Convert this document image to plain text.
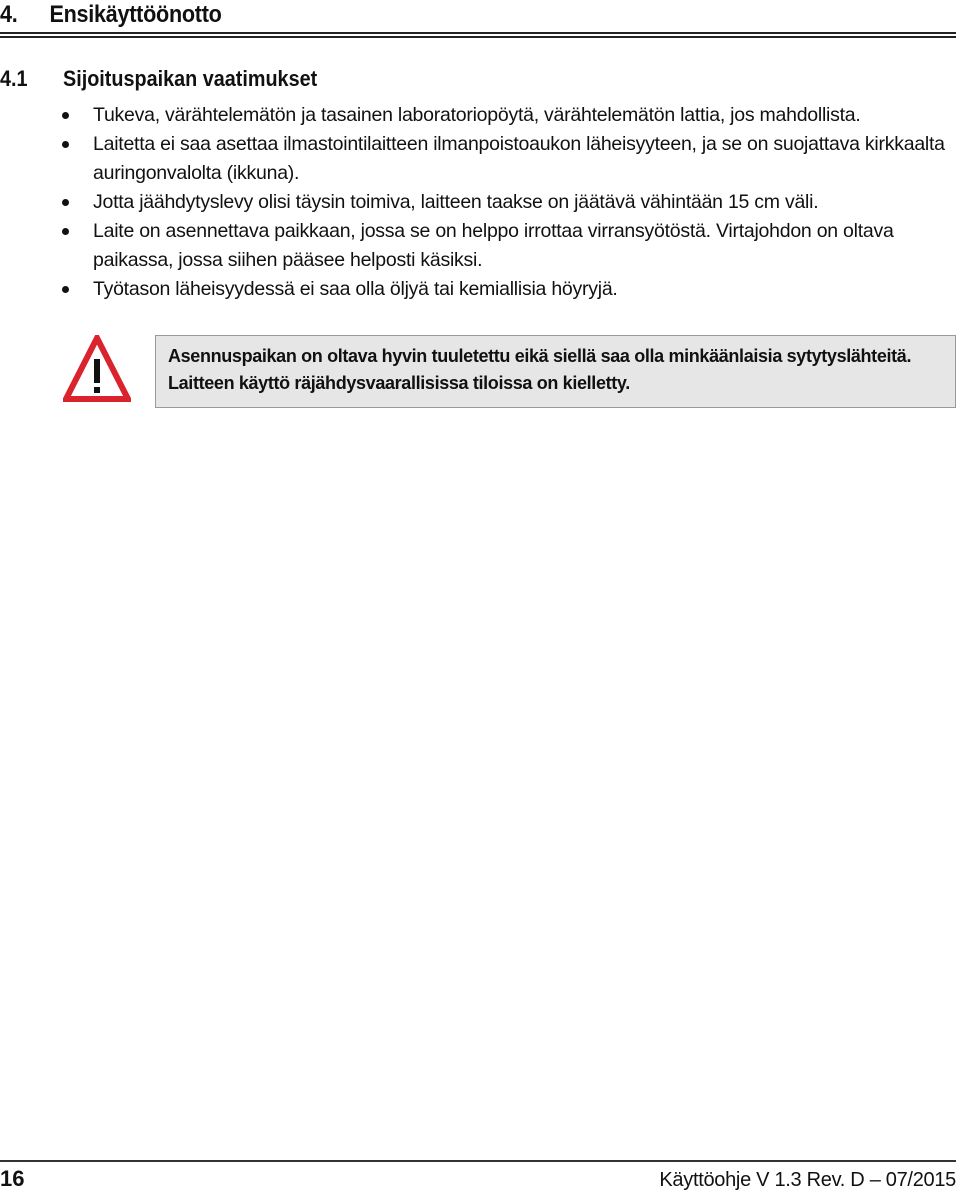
4. Ensikäyttöönotto
4.1 Sijoituspaikan vaatimukset
Tukeva, värähtelemätön ja tasainen laboratoriopöytä, värähtelemätön lattia, jos mahdollista.
Laitetta ei saa asettaa ilmastointilaitteen ilmanpoistoaukon läheisyyteen, ja se on suojattava kirkkaalta auringonvalolta (ikkuna).
Jotta jäähdytyslevy olisi täysin toimiva, laitteen taakse on jäätävä vähintään 15 cm väli.
Laite on asennettava paikkaan, jossa se on helppo irrottaa virransyötöstä. Virtajohdon on oltava paikassa, jossa siihen pääsee helposti käsiksi.
Työtason läheisyydessä ei saa olla öljyä tai kemiallisia höyryjä.

Asennuspaikan on oltava hyvin tuuletettu eikä siellä saa olla minkäänlaisia sytytyslähteitä. Laitteen käyttö räjähdysvaarallisissa tiloissa on kielletty.

16	Käyttöohje V 1.3 Rev. D – 07/2015
